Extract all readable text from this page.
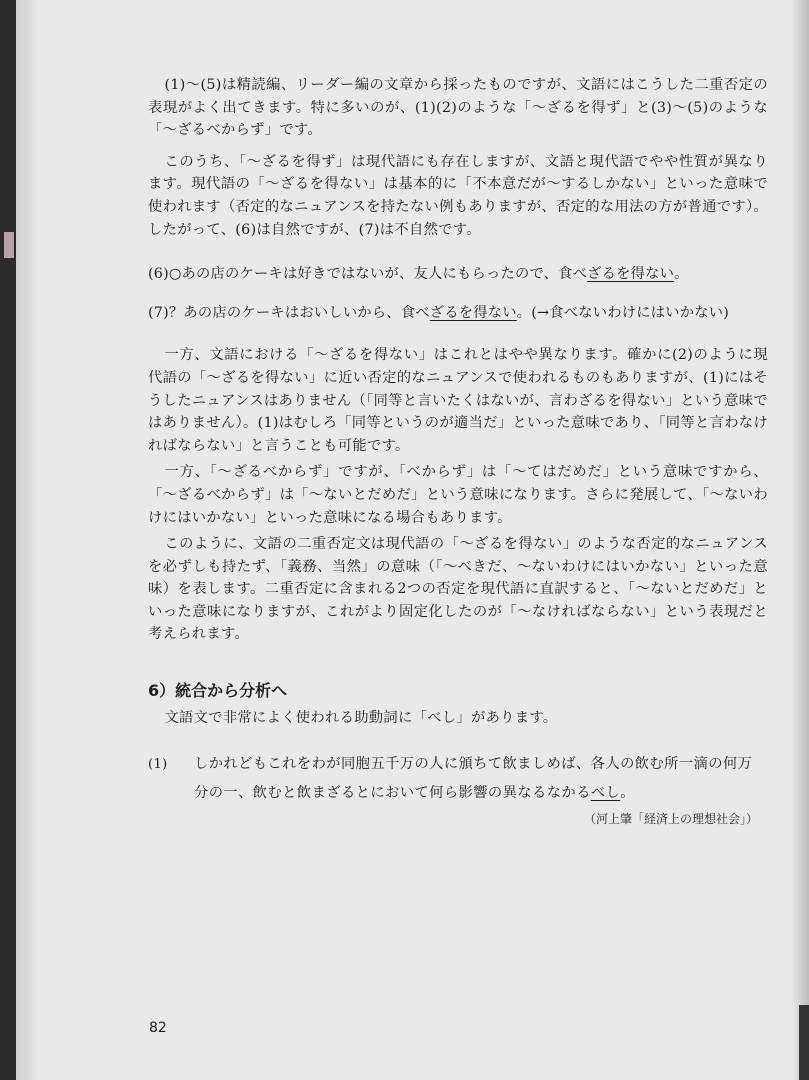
(1)〜(5)は精読編、リーダー編の文章から採ったものですが、文語にはこうした二重否定の表現がよく出てきます。特に多いのが、(1)(2)のような「〜ざるを得ず」と(3)〜(5)のような「〜ざるべからず」です。

このうち、「〜ざるを得ず」は現代語にも存在しますが、文語と現代語でやや性質が異なります。現代語の「〜ざるを得ない」は基本的に「不本意だが〜するしかない」といった意味で使われます（否定的なニュアンスを持たない例もありますが、否定的な用法の方が普通です）。したがって、(6)は自然ですが、(7)は不自然です。

(6)○あの店のケーキは好きではないが、友人にもらったので、食べざるを得ない。

(7)？あの店のケーキはおいしいから、食べざるを得ない。(→食べないわけにはいかない)

一方、文語における「〜ざるを得ない」はこれとはやや異なります。確かに(2)のように現代語の「〜ざるを得ない」に近い否定的なニュアンスで使われるものもありますが、(1)にはそうしたニュアンスはありません（「同等と言いたくはないが、言わざるを得ない」という意味ではありません）。(1)はむしろ「同等というのが適当だ」といった意味であり、「同等と言わなければならない」と言うことも可能です。

一方、「〜ざるべからず」ですが、「べからず」は「〜てはだめだ」という意味ですから、「〜ざるべからず」は「〜ないとだめだ」という意味になります。さらに発展して、「〜ないわけにはいかない」といった意味になる場合もあります。

このように、文語の二重否定文は現代語の「〜ざるを得ない」のような否定的なニュアンスを必ずしも持たず、「義務、当然」の意味（「〜べきだ、〜ないわけにはいかない」といった意味）を表します。二重否定に含まれる2つの否定を現代語に直訳すると、「〜ないとだめだ」といった意味になりますが、これがより固定化したのが「〜なければならない」という表現だと考えられます。

6）統合から分析へ

文語文で非常によく使われる助動詞に「べし」があります。

(1)	しかれどもこれをわが同胞五千万の人に頒ちて飲ましめば、各人の飲む所一滴の何万
分の一、飲むと飲まざるとにおいて何ら影響の異なるなかるべし。

（河上肇「経済上の理想社会」）

82
